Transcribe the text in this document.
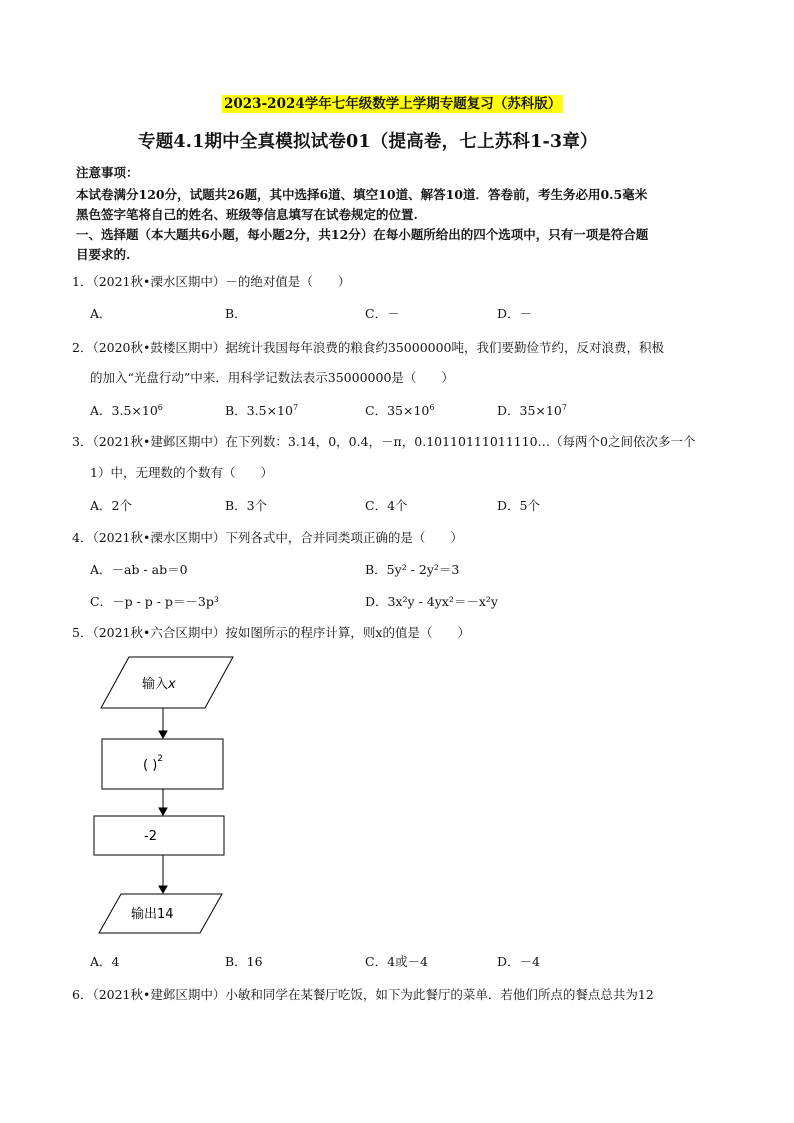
2023-2024学年七年级数学上学期专题复习（苏科版）
专题4.1期中全真模拟试卷01（提高卷，七上苏科1-3章）
注意事项：
本试卷满分120分，试题共26题，其中选择6道、填空10道、解答10道．答卷前，考生务必用0.5毫米
黑色签字笔将自己的姓名、班级等信息填写在试卷规定的位置.
一、选择题（本大题共6小题，每小题2分，共12分）在每小题所给出的四个选项中，只有一项是符合题
目要求的.
1．（2021秋•溧水区期中）－的绝对值是（　　）
A．	B．	C．－	D．－
2．（2020秋•鼓楼区期中）据统计我国每年浪费的粮食约35000000吨，我们要勤俭节约，反对浪费，积极
的加入“光盘行动”中来．用科学记数法表示35000000是（　　）
A．$3.5\times 10^6$	B．$3.5\times 10^7$	C．$35\times 10^6$	D．$35\times 10^7$
3．（2021秋•建邺区期中）在下列数：3.14，0，0.4，－π，0.10110111011110…（每两个0之间依次多一个
1）中，无理数的个数有（　　）
A．2个	B．3个	C．4个	D．5个
4．（2021秋•溧水区期中）下列各式中，合并同类项正确的是（　　）
A．－ab - ab＝0	B．5y² - 2y²＝3
C．－p - p - p＝－3p³	D．3x²y - 4yx²＝－x²y
5．（2021秋•六合区期中）按如图所示的程序计算，则x的值是（　　）
输入x
( )$^2$
-2
输出14
A．4	B．16	C．4或－4	D．－4
6．（2021秋•建邺区期中）小敏和同学在某餐厅吃饭，如下为此餐厅的菜单．若他们所点的餐点总共为12
